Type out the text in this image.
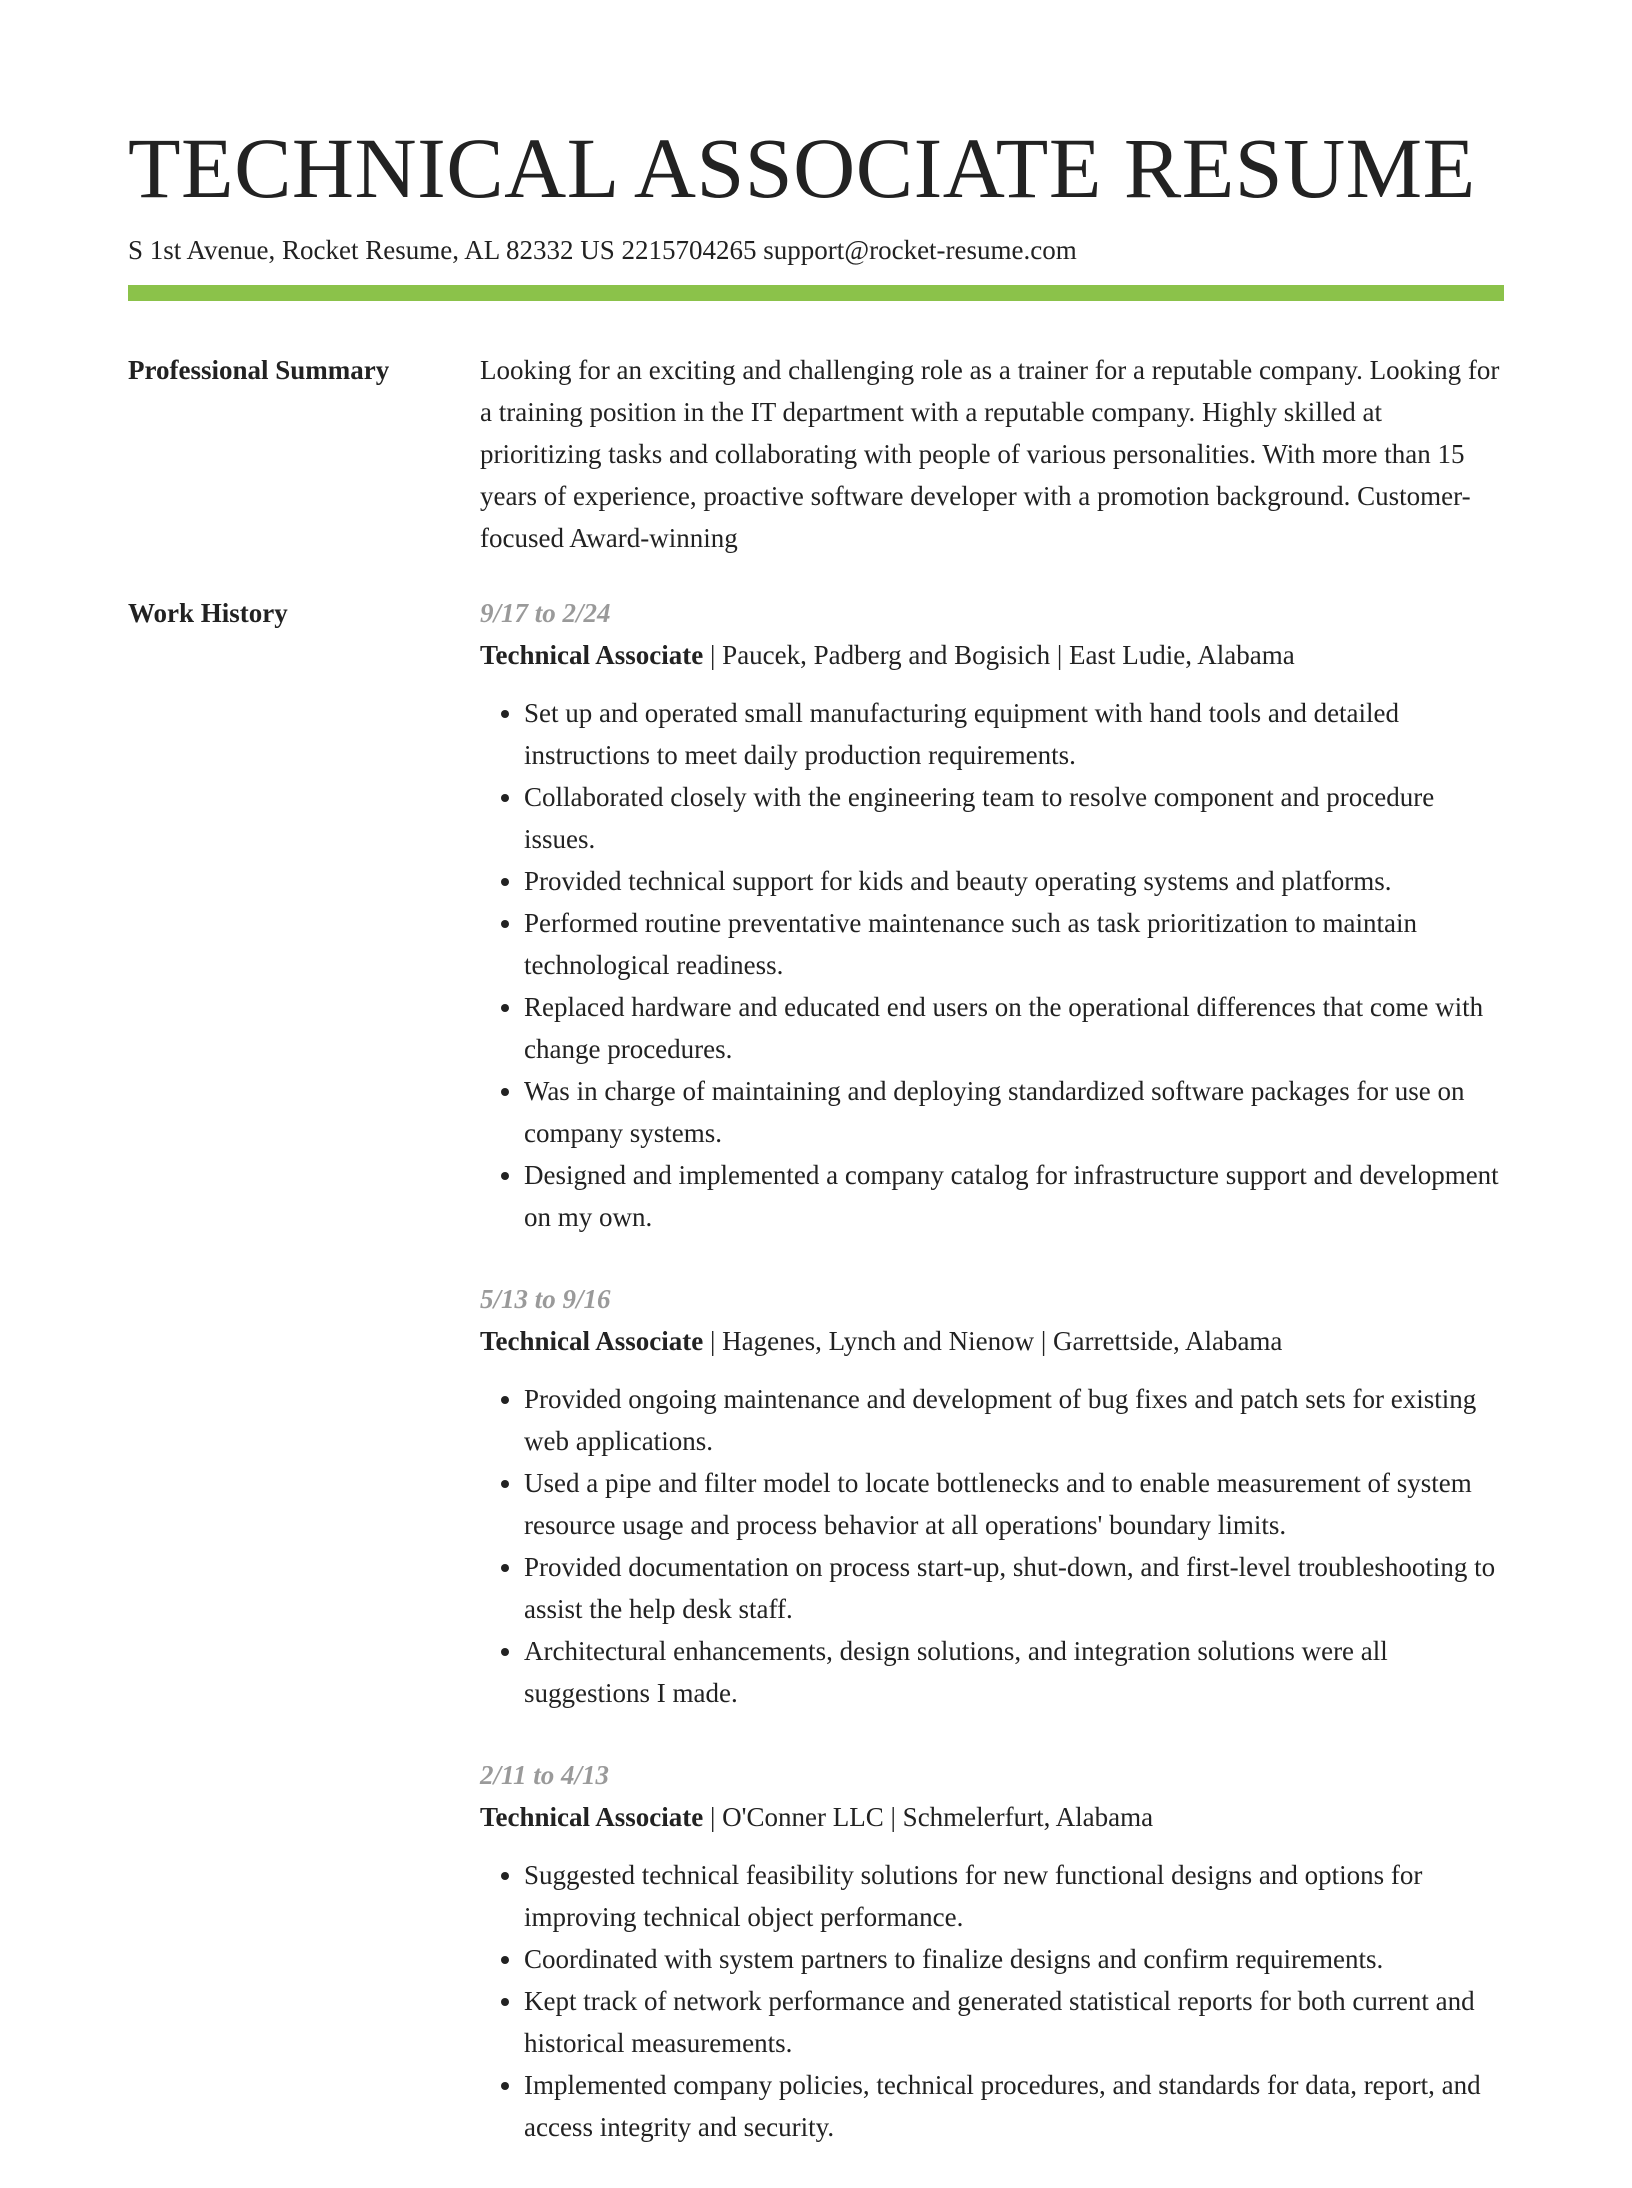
TECHNICAL ASSOCIATE RESUME
S 1st Avenue, Rocket Resume, AL 82332 US 2215704265 support@rocket-resume.com
Professional Summary	Looking for an exciting and challenging role as a trainer for a reputable company. Looking for a training position in the IT department with a reputable company. Highly skilled at prioritizing tasks and collaborating with people of various personalities. With more than 15 years of experience, proactive software developer with a promotion background. Customer-focused Award-winning

Work History	9/17 to 2/24
Technical Associate | Paucek, Padberg and Bogisich | East Ludie, Alabama
• Set up and operated small manufacturing equipment with hand tools and detailed instructions to meet daily production requirements.
• Collaborated closely with the engineering team to resolve component and procedure issues.
• Provided technical support for kids and beauty operating systems and platforms.
• Performed routine preventative maintenance such as task prioritization to maintain technological readiness.
• Replaced hardware and educated end users on the operational differences that come with change procedures.
• Was in charge of maintaining and deploying standardized software packages for use on company systems.
• Designed and implemented a company catalog for infrastructure support and development on my own.
5/13 to 9/16
Technical Associate | Hagenes, Lynch and Nienow | Garrettside, Alabama
• Provided ongoing maintenance and development of bug fixes and patch sets for existing web applications.
• Used a pipe and filter model to locate bottlenecks and to enable measurement of system resource usage and process behavior at all operations' boundary limits.
• Provided documentation on process start-up, shut-down, and first-level troubleshooting to assist the help desk staff.
• Architectural enhancements, design solutions, and integration solutions were all suggestions I made.
2/11 to 4/13
Technical Associate | O'Conner LLC | Schmelerfurt, Alabama
• Suggested technical feasibility solutions for new functional designs and options for improving technical object performance.
• Coordinated with system partners to finalize designs and confirm requirements.
• Kept track of network performance and generated statistical reports for both current and historical measurements.
• Implemented company policies, technical procedures, and standards for data, report, and access integrity and security.
